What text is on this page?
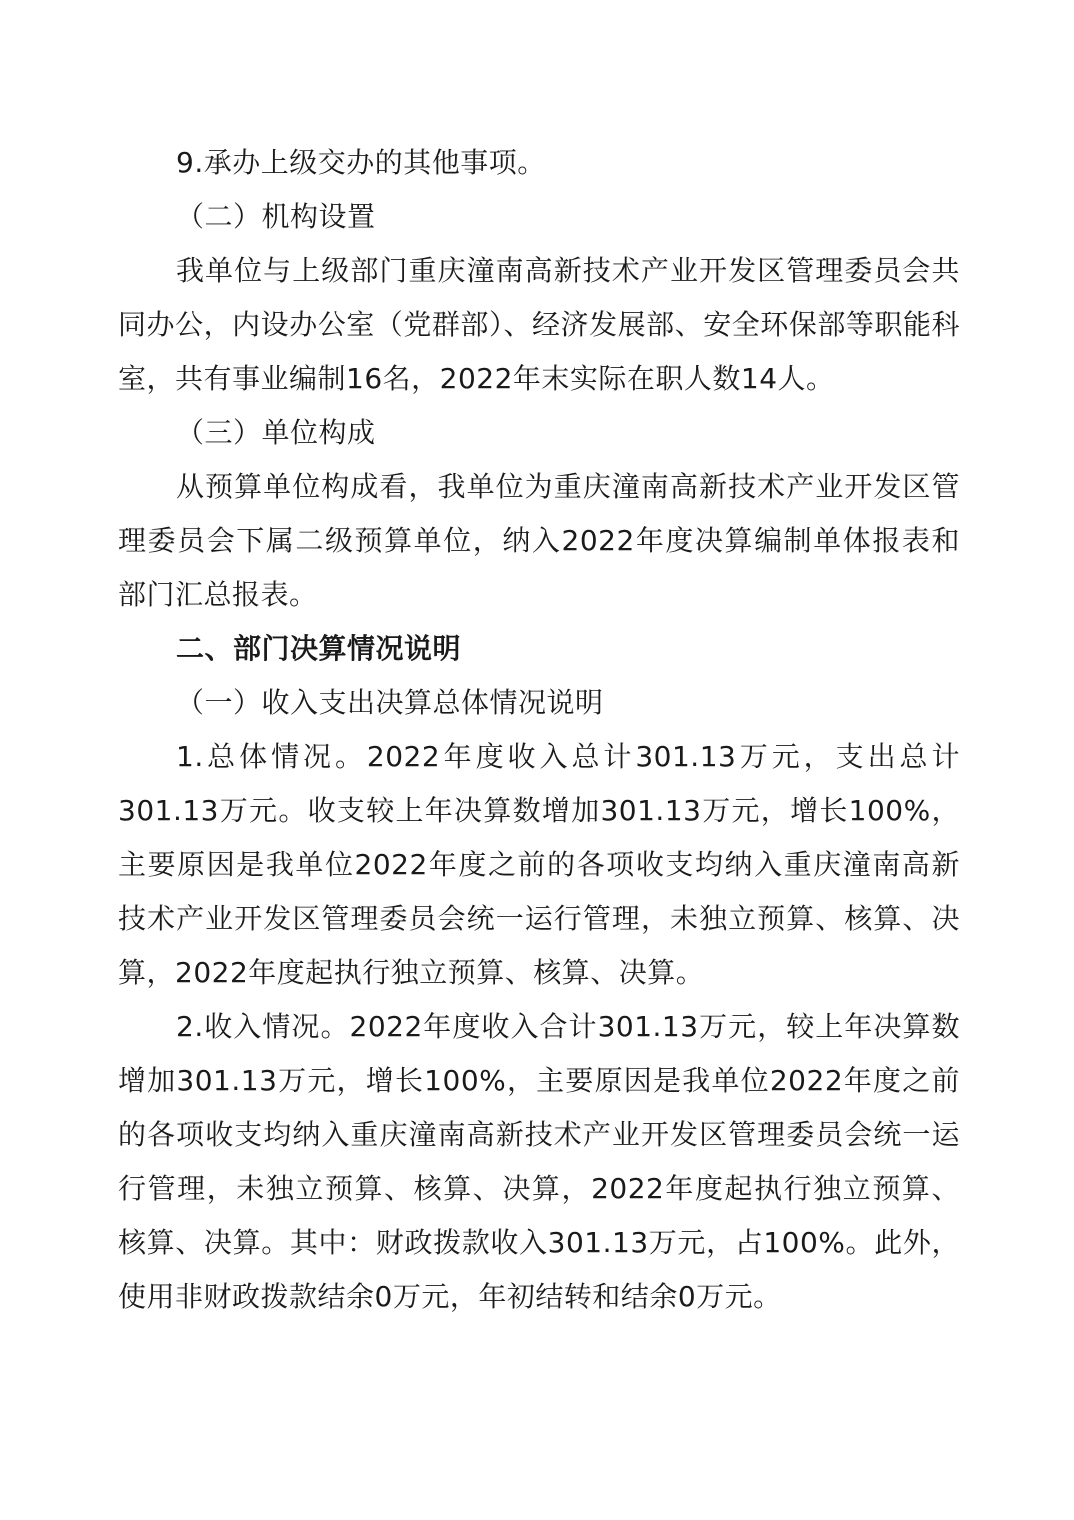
9.承办上级交办的其他事项。

（二）机构设置

我单位与上级部门重庆潼南高新技术产业开发区管理委员会共同办公，内设办公室（党群部）、经济发展部、安全环保部等职能科室，共有事业编制16名，2022年末实际在职人数14人。

（三）单位构成

从预算单位构成看，我单位为重庆潼南高新技术产业开发区管理委员会下属二级预算单位，纳入2022年度决算编制单体报表和部门汇总报表。

二、部门决算情况说明

（一）收入支出决算总体情况说明

1.总体情况。2022年度收入总计301.13万元，支出总计301.13万元。收支较上年决算数增加301.13万元，增长100%，主要原因是我单位2022年度之前的各项收支均纳入重庆潼南高新技术产业开发区管理委员会统一运行管理，未独立预算、核算、决算，2022年度起执行独立预算、核算、决算。

2.收入情况。2022年度收入合计301.13万元，较上年决算数增加301.13万元，增长100%，主要原因是我单位2022年度之前的各项收支均纳入重庆潼南高新技术产业开发区管理委员会统一运行管理，未独立预算、核算、决算，2022年度起执行独立预算、核算、决算。其中：财政拨款收入301.13万元，占100%。此外，使用非财政拨款结余0万元，年初结转和结余0万元。
